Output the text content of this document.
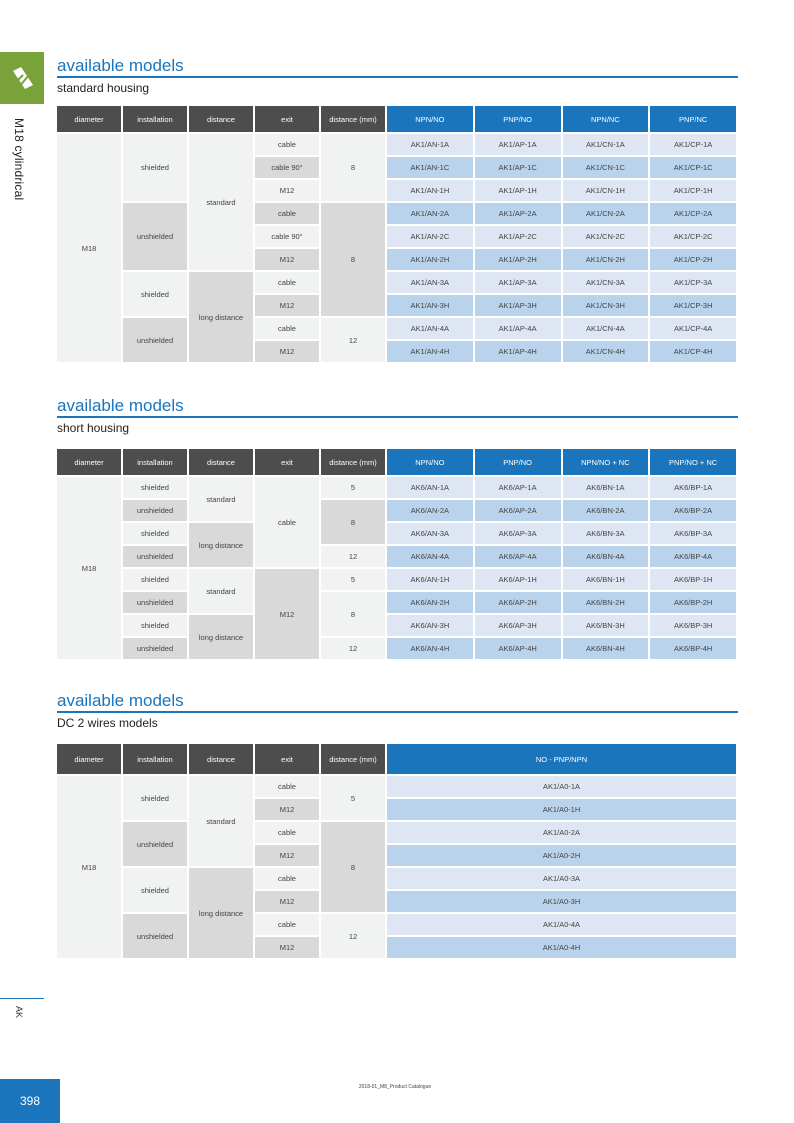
M18 cylindrical
AK
398
2018-01_M8_Product Catalogue
available models
standard housing
available models
short housing
available models
DC 2 wires models
diameter	installation	distance	exit	distance (mm)	NPN/NO	PNP/NO	NPN/NC	PNP/NC
M18	shielded	standard	cable	8	AK1/AN-1A	AK1/AP-1A	AK1/CN-1A	AK1/CP-1A
			cable 90°		AK1/AN-1C	AK1/AP-1C	AK1/CN-1C	AK1/CP-1C
			M12		AK1/AN-1H	AK1/AP-1H	AK1/CN-1H	AK1/CP-1H
	unshielded		cable	8	AK1/AN-2A	AK1/AP-2A	AK1/CN-2A	AK1/CP-2A
			cable 90°		AK1/AN-2C	AK1/AP-2C	AK1/CN-2C	AK1/CP-2C
			M12		AK1/AN-2H	AK1/AP-2H	AK1/CN-2H	AK1/CP-2H
	shielded	long distance	cable		AK1/AN-3A	AK1/AP-3A	AK1/CN-3A	AK1/CP-3A
			M12		AK1/AN-3H	AK1/AP-3H	AK1/CN-3H	AK1/CP-3H
	unshielded		cable	12	AK1/AN-4A	AK1/AP-4A	AK1/CN-4A	AK1/CP-4A
			M12		AK1/AN-4H	AK1/AP-4H	AK1/CN-4H	AK1/CP-4H
diameter	installation	distance	exit	distance (mm)	NPN/NO	PNP/NO	NPN/NO + NC	PNP/NO + NC
M18	shielded	standard	cable	5	AK6/AN-1A	AK6/AP-1A	AK6/BN-1A	AK6/BP-1A
	unshielded			8	AK6/AN-2A	AK6/AP-2A	AK6/BN-2A	AK6/BP-2A
	shielded	long distance			AK6/AN-3A	AK6/AP-3A	AK6/BN-3A	AK6/BP-3A
	unshielded			12	AK6/AN-4A	AK6/AP-4A	AK6/BN-4A	AK6/BP-4A
	shielded	standard	M12	5	AK6/AN-1H	AK6/AP-1H	AK6/BN-1H	AK6/BP-1H
	unshielded			8	AK6/AN-2H	AK6/AP-2H	AK6/BN-2H	AK6/BP-2H
	shielded	long distance			AK6/AN-3H	AK6/AP-3H	AK6/BN-3H	AK6/BP-3H
	unshielded			12	AK6/AN-4H	AK6/AP-4H	AK6/BN-4H	AK6/BP-4H
diameter	installation	distance	exit	distance (mm)	NO - PNP/NPN
M18	shielded	standard	cable	5	AK1/A0-1A
			M12		AK1/A0-1H
	unshielded		cable	8	AK1/A0-2A
			M12		AK1/A0-2H
	shielded	long distance	cable		AK1/A0-3A
			M12		AK1/A0-3H
	unshielded		cable	12	AK1/A0-4A
			M12		AK1/A0-4H
